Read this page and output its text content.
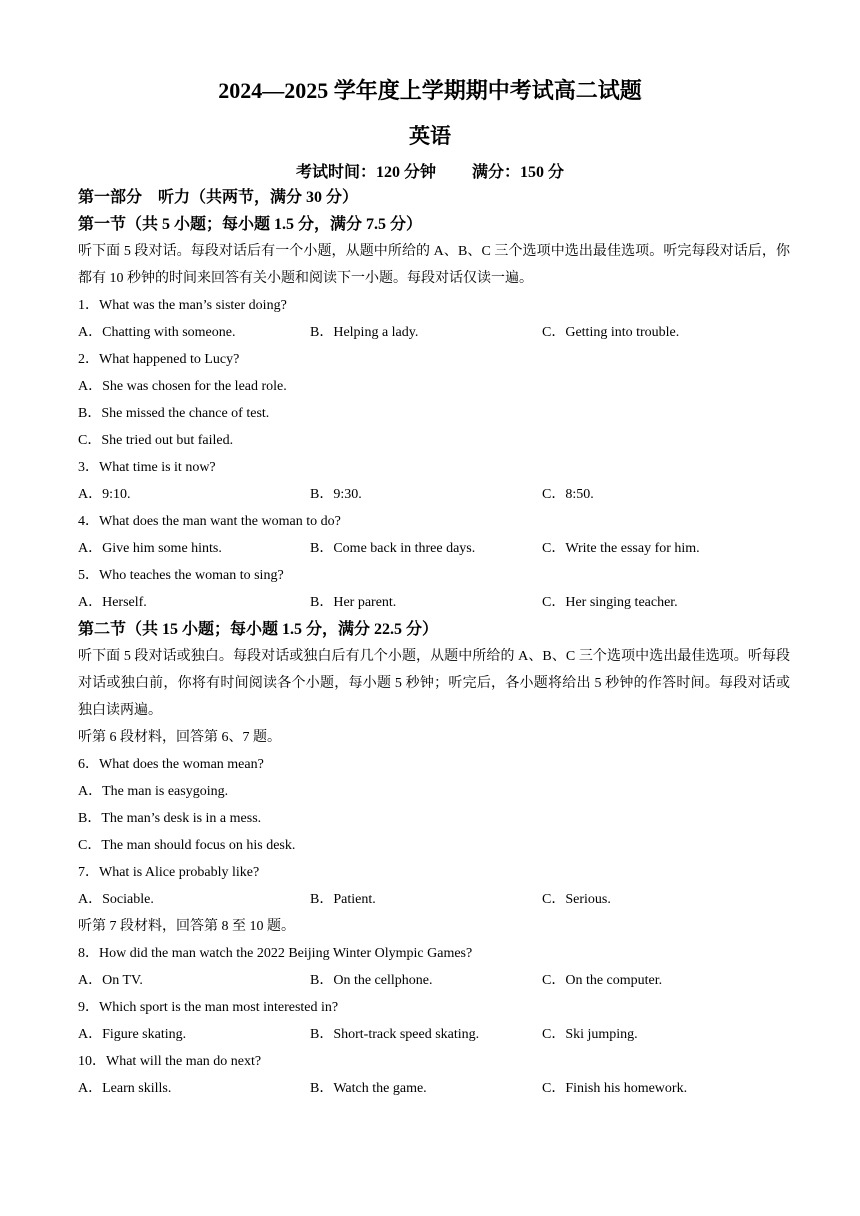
2024—2025 学年度上学期期中考试高二试题
英语
考试时间：120 分钟 满分：150 分
第一部分　听力（共两节，满分 30 分）
第一节（共 5 小题；每小题 1.5 分，满分 7.5 分）
听下面 5 段对话。每段对话后有一个小题，从题中所给的 A、B、C 三个选项中选出最佳选项。听完每段对话后，你都有 10 秒钟的时间来回答有关小题和阅读下一小题。每段对话仅读一遍。
1．What was the man’s sister doing?
A．Chatting with someone.	B．Helping a lady.	C．Getting into trouble.
2．What happened to Lucy?
A．She was chosen for the lead role.
B．She missed the chance of test.
C．She tried out but failed.
3．What time is it now?
A．9:10.	B．9:30.	C．8:50.
4．What does the man want the woman to do?
A．Give him some hints.	B．Come back in three days.	C．Write the essay for him.
5．Who teaches the woman to sing?
A．Herself.	B．Her parent.	C．Her singing teacher.
第二节（共 15 小题；每小题 1.5 分，满分 22.5 分）
听下面 5 段对话或独白。每段对话或独白后有几个小题，从题中所给的 A、B、C 三个选项中选出最佳选项。听每段对话或独白前，你将有时间阅读各个小题，每小题 5 秒钟；听完后，各小题将给出 5 秒钟的作答时间。每段对话或独白读两遍。
听第 6 段材料，回答第 6、7 题。
6．What does the woman mean?
A．The man is easygoing.
B．The man’s desk is in a mess.
C．The man should focus on his desk.
7．What is Alice probably like?
A．Sociable.	B．Patient.	C．Serious.
听第 7 段材料，回答第 8 至 10 题。
8．How did the man watch the 2022 Beijing Winter Olympic Games?
A．On TV.	B．On the cellphone.	C．On the computer.
9．Which sport is the man most interested in?
A．Figure skating.	B．Short-track speed skating.	C．Ski jumping.
10．What will the man do next?
A．Learn skills.	B．Watch the game.	C．Finish his homework.
